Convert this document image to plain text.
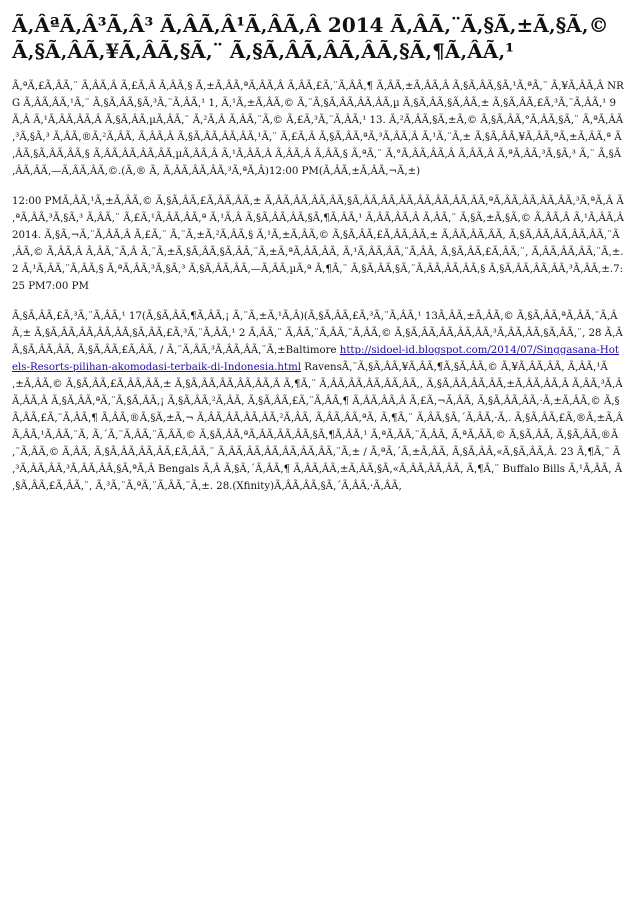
Ã‚ÂªÃ‚Â³Ã‚Â³ Ã‚ÂÃ‚Â¹Ã‚ÂÃ‚Â 2014 Ã‚ÂÃ‚¨Ã‚§Ã‚±Ã‚§Ã‚© Ã‚§Ã‚ÂÃ‚¥Ã‚ÂÃ‚§Ã‚¨ Ã‚§Ã‚ÂÃ‚ÂÃ‚ÂÃ‚§Ã‚¶Ã‚ÂÃ‚¹

Ã‚ªÃ‚£Ã‚ÂÃ‚¨ Ã‚ÂÃ‚Â Ã‚£Ã‚Â Ã‚ÂÃ‚§ Ã‚±Ã‚ÂÃ‚ªÃ‚ÂÃ‚Â Ã‚ÂÃ‚£Ã‚¨Ã‚ÂÃ‚¶ Ã‚ÂÃ‚±Ã‚ÂÃ‚Â Ã‚§Ã‚ÂÃ‚§Ã‚¹Ã‚ªÃ‚¨ Ã‚¥Ã‚ÂÃ‚Â NRG Ã‚ÂÃ‚ÂÃ‚¹Ã‚¨ Ã‚§Ã‚ÂÃ‚§Ã‚³Ã‚¨Ã‚ÂÃ‚¹ 1, Ã‚¹Ã‚±Ã‚ÂÃ‚© Ã‚¨Ã‚§Ã‚ÂÃ‚ÂÃ‚ÂÃ‚µ Ã‚§Ã‚ÂÃ‚§Ã‚ÂÃ‚± Ã‚§Ã‚ÂÃ‚£Ã‚³Ã‚¨Ã‚ÂÃ‚¹ 9 Ã‚Â Ã‚¹Ã‚ÂÃ‚ÂÃ‚Â Ã‚§Ã‚ÂÃ‚µÃ‚ÂÃ‚¨ Ã‚²Ã‚Â Ã‚ÂÃ‚¨Ã‚© Ã‚£Ã‚³Ã‚¨Ã‚ÂÃ‚¹ 13. Ã‚²Ã‚ÂÃ‚§Ã‚±Ã‚© Ã‚§Ã‚ÂÃ‚°Ã‚ÂÃ‚§Ã‚¨ Ã‚ªÃ‚ÂÃ‚³Ã‚§Ã‚³ Ã‚ÂÃ‚®Ã‚²Ã‚ÂÃ‚ Ã‚ÂÃ‚Â Ã‚§Ã‚ÂÃ‚ÂÃ‚ÂÃ‚¹Ã‚¨ Ã‚£Ã‚Â Ã‚§Ã‚ÂÃ‚ªÃ‚³Ã‚ÂÃ‚Â Ã‚¹Ã‚¨Ã‚± Ã‚§Ã‚ÂÃ‚¥Ã‚ÂÃ‚ªÃ‚±Ã‚ÂÃ‚ª Ã‚ÂÃ‚§Ã‚ÂÃ‚ÂÃ‚§ Ã‚ÂÃ‚ÂÃ‚ÂÃ‚ÂÃ‚µÃ‚ÂÃ‚Â Ã‚¹Ã‚ÂÃ‚Â Ã‚ÂÃ‚Â Ã‚ÂÃ‚§ Ã‚ªÃ‚¨ Ã‚°Ã‚ÂÃ‚ÂÃ‚Â Ã‚ÂÃ‚Â Ã‚ªÃ‚ÂÃ‚³Ã‚§Ã‚³ Ã‚¨ Ã‚§Ã‚ÂÃ‚ÂÃ‚—Ã‚ÂÃ‚ÂÃ‚©.(Ã‚® Ã‚ Ã‚ÂÃ‚ÂÃ‚ÂÃ‚³Ã‚ªÃ‚Â)12:00 PM(Ã‚ÂÃ‚±Ã‚ÂÃ‚¬Ã‚±)

12:00 PMÃ‚ÂÃ‚¹Ã‚±Ã‚ÂÃ‚© Ã‚§Ã‚ÂÃ‚£Ã‚ÂÃ‚ÂÃ‚± Ã‚ÂÃ‚ÂÃ‚ÂÃ‚ÂÃ‚§Ã‚ÂÃ‚ÂÃ‚ÂÃ‚ÂÃ‚ÂÃ‚ÂÃ‚ÂÃ‚ªÃ‚ÂÃ‚ÂÃ‚ÂÃ‚ÂÃ‚³Ã‚ªÃ‚Â Ã‚ªÃ‚ÂÃ‚³Ã‚§Ã‚³ Ã‚ÂÃ‚¨ Ã‚£Ã‚¹Ã‚ÂÃ‚ÂÃ‚ª Ã‚¹Ã‚Â Ã‚§Ã‚ÂÃ‚ÂÃ‚§Ã‚¶Ã‚ÂÃ‚¹ Ã‚ÂÃ‚ÂÃ‚Â Ã‚ÂÃ‚¨ Ã‚§Ã‚±Ã‚§Ã‚© Ã‚ÂÃ‚Â Ã‚¹Ã‚ÂÃ‚Â 2014. Ã‚§Ã‚¬Ã‚¨Ã‚ÂÃ‚Â Ã‚£Ã‚¨ Ã‚¨Ã‚±Ã‚²Ã‚ÂÃ‚§ Ã‚¹Ã‚±Ã‚ÂÃ‚© Ã‚§Ã‚ÂÃ‚£Ã‚ÂÃ‚ÂÃ‚± Ã‚ÂÃ‚ÂÃ‚ÂÃ‚ Ã‚§Ã‚ÂÃ‚ÂÃ‚ÂÃ‚ÂÃ‚¨Ã‚ÂÃ‚© Ã‚ÂÃ‚Â Ã‚ÂÃ‚¨Ã‚Â Ã‚¨Ã‚±Ã‚§Ã‚ÂÃ‚§Ã‚ÂÃ‚¨Ã‚±Ã‚ªÃ‚ÂÃ‚ÂÃ‚ Ã‚¹Ã‚ÂÃ‚ÂÃ‚¨Ã‚ÂÃ‚ Ã‚§Ã‚ÂÃ‚£Ã‚ÂÃ‚¨, Ã‚ÂÃ‚ÂÃ‚ÂÃ‚¨Ã‚±. 2 Ã‚¹Ã‚ÂÃ‚¨Ã‚ÂÃ‚§ Ã‚ªÃ‚ÂÃ‚³Ã‚§Ã‚³ Ã‚§Ã‚ÂÃ‚ÂÃ‚—Ã‚ÂÃ‚µÃ‚ª Ã‚¶Ã‚¨ Ã‚§Ã‚ÂÃ‚§Ã‚¨Ã‚ÂÃ‚ÂÃ‚ÂÃ‚§ Ã‚§Ã‚ÂÃ‚ÂÃ‚ÂÃ‚³Ã‚ÂÃ‚±.7:25 PM7:00 PM

Ã‚§Ã‚ÂÃ‚£Ã‚³Ã‚¨Ã‚ÂÃ‚¹ 17(Ã‚§Ã‚ÂÃ‚¶Ã‚ÂÃ‚¡ Ã‚¨Ã‚±Ã‚¹Ã‚Â)(Ã‚§Ã‚ÂÃ‚£Ã‚³Ã‚¨Ã‚ÂÃ‚¹ 13Ã‚ÂÃ‚±Ã‚ÂÃ‚© Ã‚§Ã‚ÂÃ‚ªÃ‚ÂÃ‚¨Ã‚ÂÃ‚± Ã‚§Ã‚ÂÃ‚ÂÃ‚ÂÃ‚ÂÃ‚§Ã‚ÂÃ‚£Ã‚³Ã‚¨Ã‚ÂÃ‚¹ 2 Ã‚ÂÃ‚¨ Ã‚ÂÃ‚¨Ã‚ÂÃ‚¨Ã‚ÂÃ‚© Ã‚§Ã‚ÂÃ‚ÂÃ‚ÂÃ‚ÂÃ‚³Ã‚ÂÃ‚ÂÃ‚§Ã‚ÂÃ‚¨, 28 Ã‚ÂÃ‚§Ã‚ÂÃ‚ÂÃ‚ Ã‚§Ã‚ÂÃ‚£Ã‚ÂÃ‚ / Ã‚¨Ã‚ÂÃ‚³Ã‚ÂÃ‚ÂÃ‚¨Ã‚±Baltimore http://sidoel-id.blogspot.com/2014/07/Singgasana-Hotels-Resorts-pilihan-akomodasi-terbaik-di-Indonesia.html RavensÃ‚¨Ã‚§Ã‚ÂÃ‚¥Ã‚ÂÃ‚¶Ã‚§Ã‚ÂÃ‚© Ã‚¥Ã‚ÂÃ‚ÂÃ‚ Ã‚ÂÃ‚¹Ã‚±Ã‚ÂÃ‚© Ã‚§Ã‚ÂÃ‚£Ã‚ÂÃ‚ÂÃ‚± Ã‚§Ã‚ÂÃ‚ÂÃ‚ÂÃ‚ÂÃ‚Â Ã‚¶Ã‚¨ Ã‚ÂÃ‚ÂÃ‚ÂÃ‚ÂÃ‚ÂÃ‚, Ã‚§Ã‚ÂÃ‚ÂÃ‚ÂÃ‚±Ã‚ÂÃ‚ÂÃ‚Â Ã‚ÂÃ‚³Ã‚ÂÃ‚ÂÃ‚Â Ã‚§Ã‚ÂÃ‚ªÃ‚¨Ã‚§Ã‚ÂÃ‚¡ Ã‚§Ã‚ÂÃ‚²Ã‚ÂÃ‚ Ã‚§Ã‚ÂÃ‚£Ã‚¨Ã‚ÂÃ‚¶ Ã‚ÂÃ‚ÂÃ‚Â Ã‚£Ã‚¬Ã‚ÂÃ‚ Ã‚§Ã‚ÂÃ‚ÂÃ‚·Ã‚±Ã‚ÂÃ‚© Ã‚§Ã‚ÂÃ‚£Ã‚¨Ã‚ÂÃ‚¶ Ã‚ÂÃ‚®Ã‚§Ã‚±Ã‚¬ Ã‚ÂÃ‚ÂÃ‚ÂÃ‚ÂÃ‚²Ã‚ÂÃ‚ Ã‚ÂÃ‚ÂÃ‚ªÃ‚ Ã‚¶Ã‚¨ Ã‚ÂÃ‚§Ã‚´Ã‚ÂÃ‚·Ã‚. Ã‚§Ã‚ÂÃ‚£Ã‚®Ã‚±Ã‚Â Ã‚ÂÃ‚¹Ã‚ÂÃ‚¨Ã‚ Ã‚´Ã‚¨Ã‚ÂÃ‚¨Ã‚ÂÃ‚© Ã‚§Ã‚ÂÃ‚ªÃ‚ÂÃ‚ÂÃ‚ÂÃ‚§Ã‚¶Ã‚ÂÃ‚¹ Ã‚ªÃ‚ÂÃ‚¨Ã‚ÂÃ‚ Ã‚ªÃ‚ÂÃ‚© Ã‚§Ã‚ÂÃ‚ Ã‚§Ã‚ÂÃ‚®Ã‚¨Ã‚ÂÃ‚© Ã‚ÂÃ‚ Ã‚§Ã‚ÂÃ‚ÂÃ‚ÂÃ‚£Ã‚ÂÃ‚¨ Ã‚ÂÃ‚ÂÃ‚ÂÃ‚ÂÃ‚ÂÃ‚ÂÃ‚¨Ã‚± / Ã‚ªÃ‚´Ã‚±Ã‚ÂÃ‚ Ã‚§Ã‚ÂÃ‚«Ã‚§Ã‚ÂÃ‚Â. 23 Ã‚¶Ã‚¨ Ã‚³Ã‚ÂÃ‚ÂÃ‚³Ã‚ÂÃ‚ÂÃ‚§Ã‚ªÃ‚Â Bengals Ã‚Â Ã‚§Ã‚´Ã‚ÂÃ‚¶ Ã‚ÂÃ‚ÂÃ‚±Ã‚ÂÃ‚§Ã‚«Ã‚ÂÃ‚ÂÃ‚ÂÃ‚ Ã‚¶Ã‚¨ Buffalo Bills Ã‚¹Ã‚ÂÃ‚ Ã‚§Ã‚ÂÃ‚£Ã‚ÂÃ‚¨, Ã‚³Ã‚¨Ã‚ªÃ‚¨Ã‚ÂÃ‚¨Ã‚±. 28.(Xfinity)Ã‚ÂÃ‚ÂÃ‚§Ã‚´Ã‚ÂÃ‚·Ã‚ÂÃ‚
